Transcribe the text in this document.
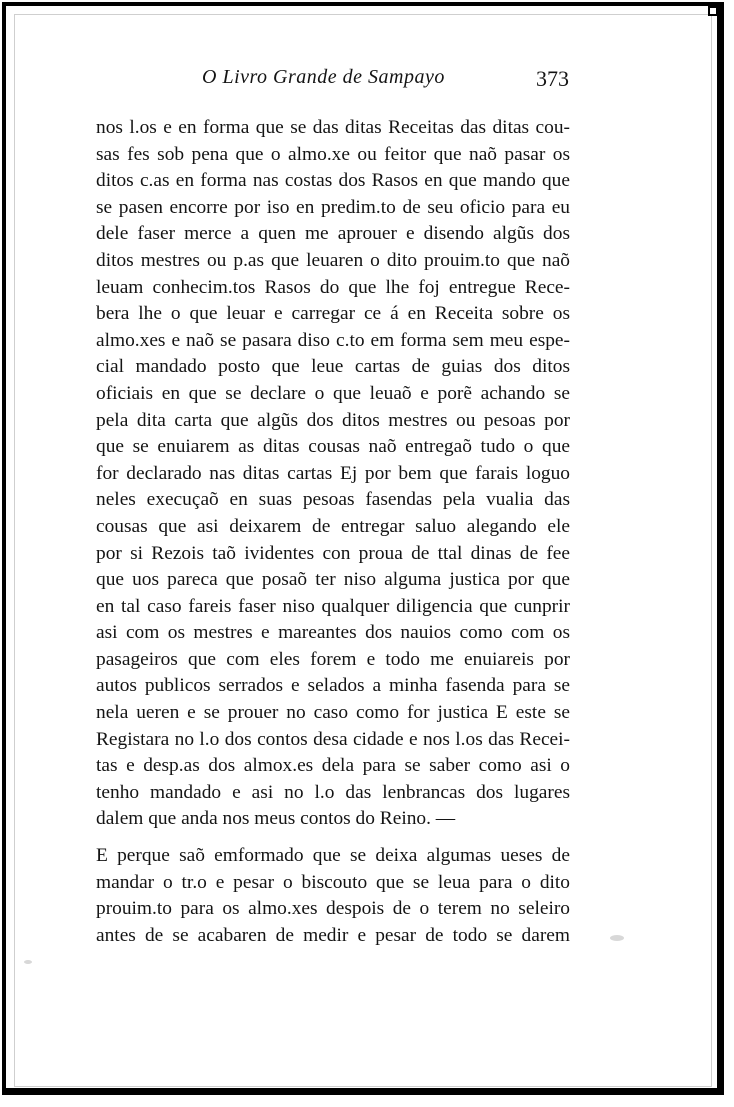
O Livro Grande de Sampayo	373
nos l.os e en forma que se das ditas Receitas das ditas cou-
sas fes sob pena que o almo.xe ou feitor que naõ pasar os
ditos c.as en forma nas costas dos Rasos en que mando que
se pasen encorre por iso en predim.to de seu oficio para eu
dele faser merce a quen me aprouer e disendo algũs dos
ditos mestres ou p.as que leuaren o dito prouim.to que naõ
leuam conhecim.tos Rasos do que lhe foj entregue Rece-
bera lhe o que leuar e carregar ce á en Receita sobre os
almo.xes e naõ se pasara diso c.to em forma sem meu espe-
cial mandado posto que leue cartas de guias dos ditos
oficiais en que se declare o que leuaõ e porẽ achando se
pela dita carta que algũs dos ditos mestres ou pesoas por
que se enuiarem as ditas cousas naõ entregaõ tudo o que
for declarado nas ditas cartas Ej por bem que farais loguo
neles execuçaõ en suas pesoas fasendas pela vualia das
cousas que asi deixarem de entregar saluo alegando ele
por si Rezois taõ ividentes con proua de ttal dinas de fee
que uos pareca que posaõ ter niso alguma justica por que
en tal caso fareis faser niso qualquer diligencia que cunprir
asi com os mestres e mareantes dos nauios como com os
pasageiros que com eles forem e todo me enuiareis por
autos publicos serrados e selados a minha fasenda para se
nela ueren e se prouer no caso como for justica E este se
Registara no l.o dos contos desa cidade e nos l.os das Recei-
tas e desp.as dos almox.es dela para se saber como asi o
tenho mandado e asi no l.o das lenbrancas dos lugares
dalem que anda nos meus contos do Reino. —
E perque saõ emformado que se deixa algumas ueses de
mandar o tr.o e pesar o biscouto que se leua para o dito
prouim.to para os almo.xes despois de o terem no seleiro
antes de se acabaren de medir e pesar de todo se darem
